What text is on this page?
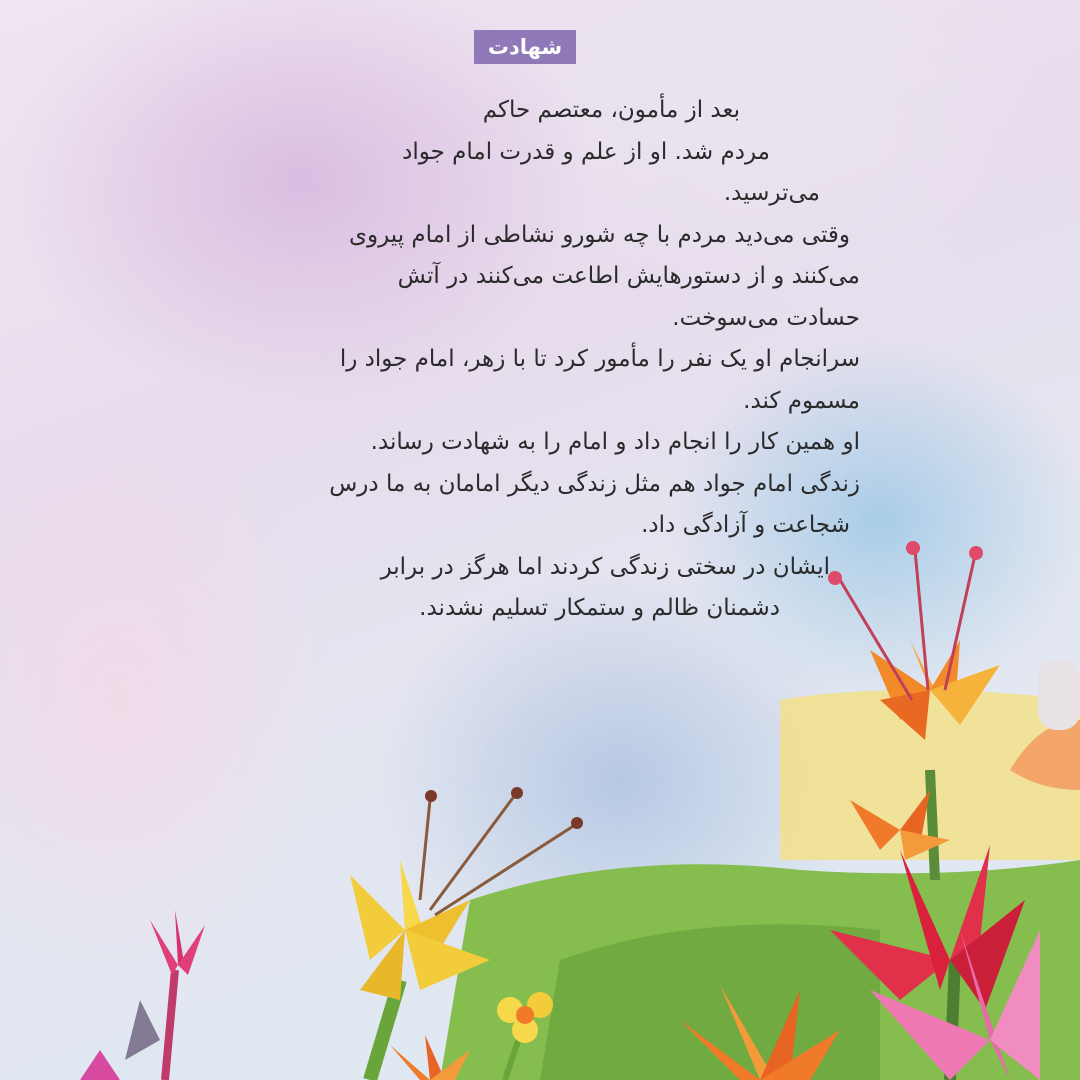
شهادت
بعد از مأمون، معتصم حاکم
مردم شد. او از علم و قدرت امام جواد
می‌ترسید.
وقتی می‌دید مردم با چه شورو نشاطی از امام پیروی
می‌کنند و از دستورهایش اطاعت می‌کنند در آتش
حسادت می‌سوخت.
سرانجام او یک نفر را مأمور کرد تا با زهر، امام جواد را
مسموم کند.
او همین کار را انجام داد و امام را به شهادت رساند.
زندگی امام جواد هم مثل زندگی دیگر امامان به ما درس
شجاعت و آزادگی داد.
ایشان در سختی زندگی کردند اما هرگز در برابر
دشمنان ظالم و ستمکار تسلیم نشدند.
